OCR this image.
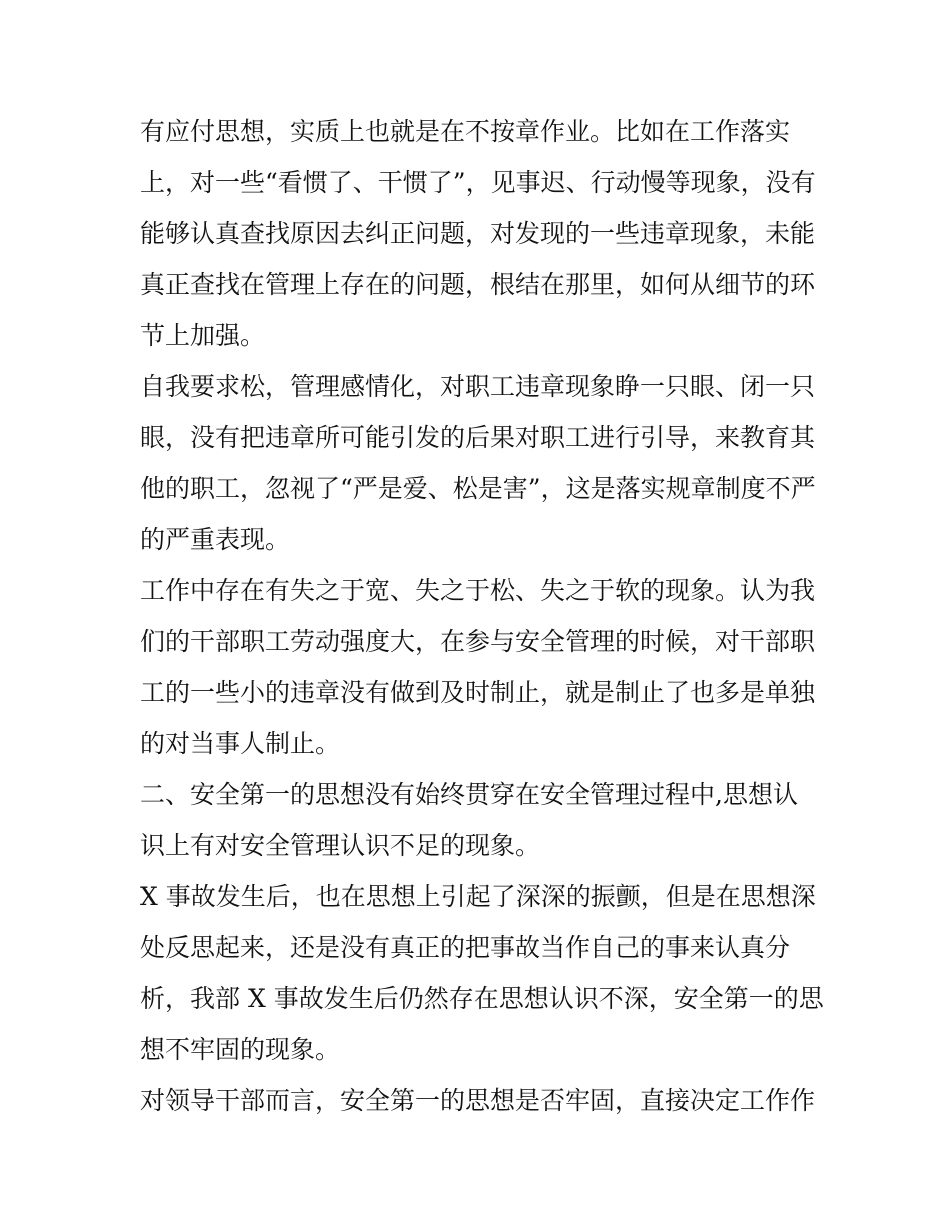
有应付思想，实质上也就是在不按章作业。比如在工作落实
上，对一些“看惯了、干惯了”，见事迟、行动慢等现象，没有
能够认真查找原因去纠正问题，对发现的一些违章现象，未能
真正查找在管理上存在的问题，根结在那里，如何从细节的环
节上加强。
自我要求松，管理感情化，对职工违章现象睁一只眼、闭一只
眼，没有把违章所可能引发的后果对职工进行引导，来教育其
他的职工，忽视了“严是爱、松是害”，这是落实规章制度不严
的严重表现。
工作中存在有失之于宽、失之于松、失之于软的现象。认为我
们的干部职工劳动强度大，在参与安全管理的时候，对干部职
工的一些小的违章没有做到及时制止，就是制止了也多是单独
的对当事人制止。
二、安全第一的思想没有始终贯穿在安全管理过程中,思想认
识上有对安全管理认识不足的现象。
X 事故发生后，也在思想上引起了深深的振颤，但是在思想深
处反思起来，还是没有真正的把事故当作自己的事来认真分
析，我部 X 事故发生后仍然存在思想认识不深，安全第一的思
想不牢固的现象。
对领导干部而言，安全第一的思想是否牢固，直接决定工作作
